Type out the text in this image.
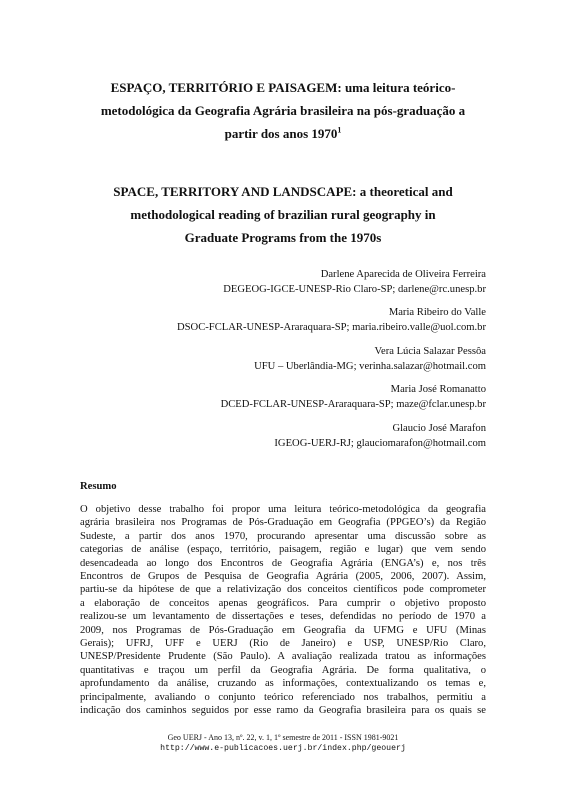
ESPAÇO, TERRITÓRIO E PAISAGEM: uma leitura teórico-
metodológica da Geografia Agrária brasileira na pós-graduação a
partir dos anos 1970$^1$
SPACE, TERRITORY AND LANDSCAPE: a theoretical and
methodological reading of brazilian rural geography in
Graduate Programs from the 1970s
Darlene Aparecida de Oliveira Ferreira
DEGEOG-IGCE-UNESP-Rio Claro-SP; darlene@rc.unesp.br
Maria Ribeiro do Valle
DSOC-FCLAR-UNESP-Araraquara-SP; maria.ribeiro.valle@uol.com.br
Vera Lúcia Salazar Pessôa
UFU – Uberlândia-MG; verinha.salazar@hotmail.com
Maria José Romanatto
DCED-FCLAR-UNESP-Araraquara-SP; maze@fclar.unesp.br
Glaucio José Marafon
IGEOG-UERJ-RJ; glauciomarafon@hotmail.com
Resumo
O objetivo desse trabalho foi propor uma leitura teórico-metodológica da geografia
agrária brasileira nos Programas de Pós-Graduação em Geografia (PPGEO’s) da Região
Sudeste, a partir dos anos 1970, procurando apresentar uma discussão sobre as
categorias de análise (espaço, território, paisagem, região e lugar) que vem sendo
desencadeada ao longo dos Encontros de Geografia Agrária (ENGA’s) e, nos três
Encontros de Grupos de Pesquisa de Geografia Agrária (2005, 2006, 2007). Assim,
partiu-se da hipótese de que a relativização dos conceitos científicos pode comprometer
a elaboração de conceitos apenas geográficos. Para cumprir o objetivo proposto
realizou-se um levantamento de dissertações e teses, defendidas no período de 1970 a
2009, nos Programas de Pós-Graduação em Geografia da UFMG e UFU (Minas
Gerais); UFRJ, UFF e UERJ (Rio de Janeiro) e USP, UNESP/Rio Claro,
UNESP/Presidente Prudente (São Paulo). A avaliação realizada tratou as informações
quantitativas e traçou um perfil da Geografia Agrária. De forma qualitativa, o
aprofundamento da análise, cruzando as informações, contextualizando os temas e,
principalmente, avaliando o conjunto teórico referenciado nos trabalhos, permitiu a
indicação dos caminhos seguidos por esse ramo da Geografia brasileira para os quais se
Geo UERJ - Ano 13, nº. 22, v. 1, 1º semestre de 2011 - ISSN 1981-9021
http://www.e-publicacoes.uerj.br/index.php/geouerj
